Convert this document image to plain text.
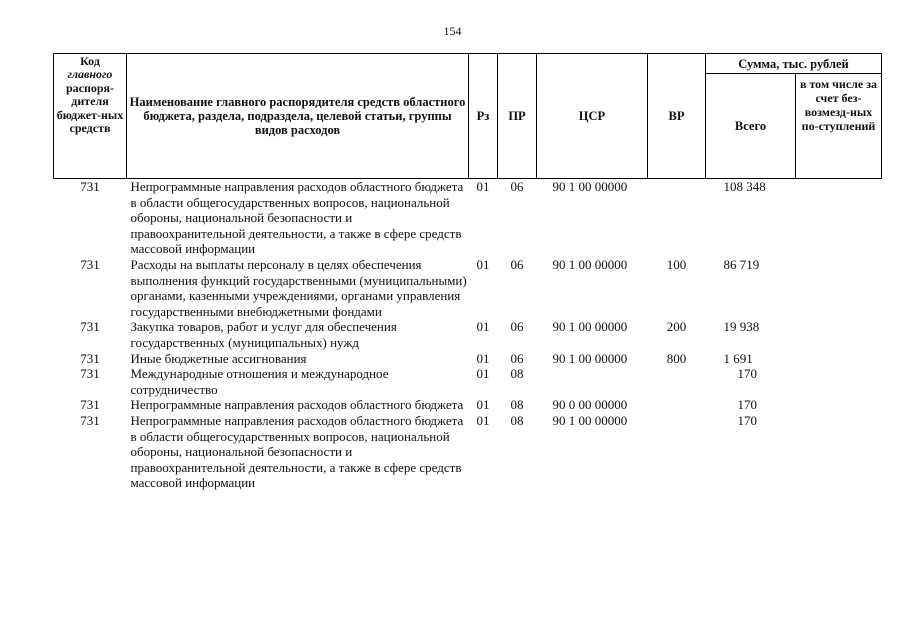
154
Код
главного
распоря-дителя бюджет-ных средств	Наименование главного распорядителя средств областного бюджета, раздела, подраздела, целевой статьи, группы видов расходов	Рз	ПР	ЦСР	ВР	Сумма, тыс. рублей	
						Всего	в том числе за счет без-возмезд-ных по-ступлений
731	Непрограммные направления расходов областного бюджета в области общегосударственных вопросов, национальной обороны, национальной безопасности и правоохранительной деятельности, а также в сфере средств массовой информации	01	06	90 1 00 00000		108 348	
731	Расходы на выплаты персоналу в целях обеспечения выполнения функций государственными (муниципальными) органами, казенными учреждениями, органами управления государственными внебюджетными фондами	01	06	90 1 00 00000	100	86 719	
731	Закупка товаров, работ и услуг для обеспечения государственных (муниципальных) нужд	01	06	90 1 00 00000	200	19 938	
731	Иные бюджетные ассигнования	01	06	90 1 00 00000	800	1 691	
731	Международные отношения и международное сотрудничество	01	08			170	
731	Непрограммные направления расходов областного бюджета	01	08	90 0 00 00000		170	
731	Непрограммные направления расходов областного бюджета в области общегосударственных вопросов, национальной обороны, национальной безопасности и правоохранительной деятельности, а также в сфере средств массовой информации	01	08	90 1 00 00000		170	
